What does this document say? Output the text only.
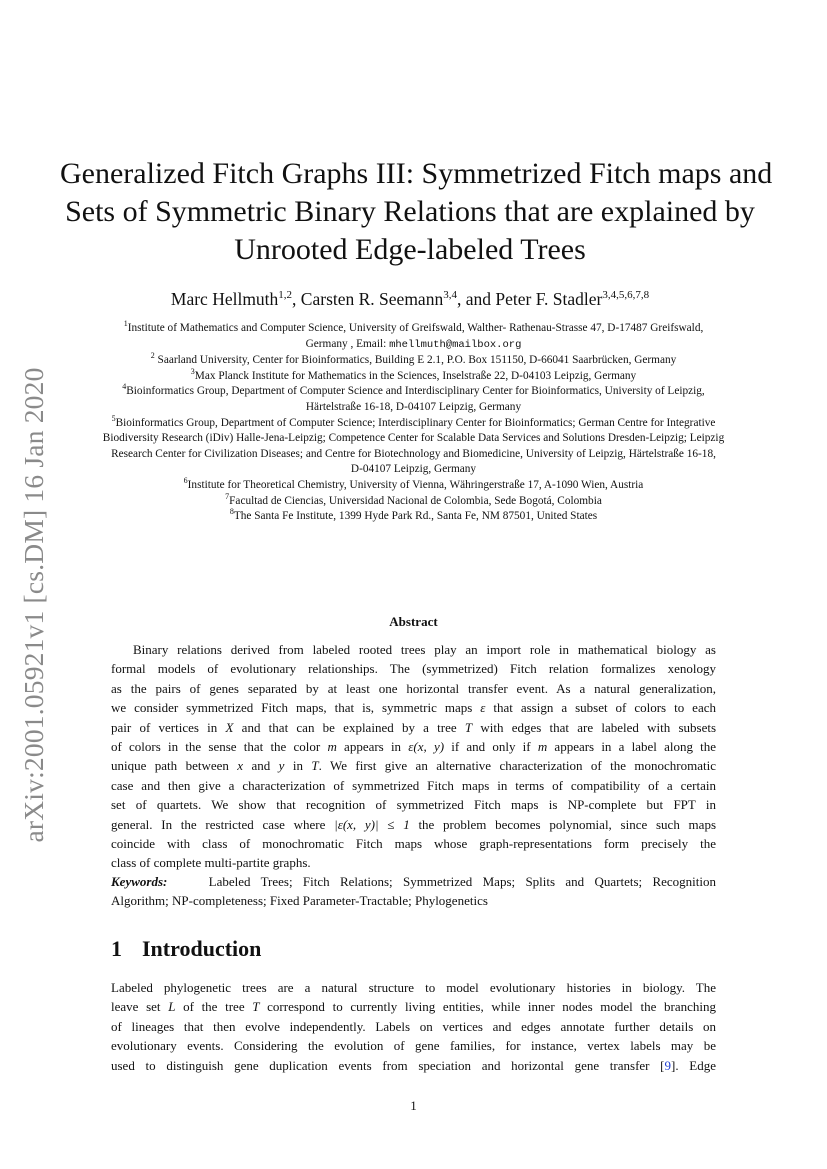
arXiv:2001.05921v1 [cs.DM] 16 Jan 2020
Generalized Fitch Graphs III: Symmetrized Fitch maps and
Sets of Symmetric Binary Relations that are explained by
Unrooted Edge-labeled Trees
Marc Hellmuth$^{1,2}$, Carsten R. Seemann$^{3,4}$, and Peter F. Stadler$^{3,4,5,6,7,8}$
$^1$Institute of Mathematics and Computer Science, University of Greifswald, Walther- Rathenau-Strasse 47, D-17487 Greifswald,
Germany , Email: mhellmuth@mailbox.org
$^2$ Saarland University, Center for Bioinformatics, Building E 2.1, P.O. Box 151150, D-66041 Saarbrücken, Germany
$^3$Max Planck Institute for Mathematics in the Sciences, Inselstraße 22, D-04103 Leipzig, Germany
$^4$Bioinformatics Group, Department of Computer Science and Interdisciplinary Center for Bioinformatics, University of Leipzig,
Härtelstraße 16-18, D-04107 Leipzig, Germany
$^5$Bioinformatics Group, Department of Computer Science; Interdisciplinary Center for Bioinformatics; German Centre for Integrative
Biodiversity Research (iDiv) Halle-Jena-Leipzig; Competence Center for Scalable Data Services and Solutions Dresden-Leipzig; Leipzig
Research Center for Civilization Diseases; and Centre for Biotechnology and Biomedicine, University of Leipzig, Härtelstraße 16-18,
D-04107 Leipzig, Germany
$^6$Institute for Theoretical Chemistry, University of Vienna, Währingerstraße 17, A-1090 Wien, Austria
$^7$Facultad de Ciencias, Universidad Nacional de Colombia, Sede Bogotá, Colombia
$^8$The Santa Fe Institute, 1399 Hyde Park Rd., Santa Fe, NM 87501, United States
Abstract
Binary relations derived from labeled rooted trees play an import role in mathematical biology as
formal models of evolutionary relationships. The (symmetrized) Fitch relation formalizes xenology
as the pairs of genes separated by at least one horizontal transfer event. As a natural generalization,
we consider symmetrized Fitch maps, that is, symmetric maps ε that assign a subset of colors to each
pair of vertices in X and that can be explained by a tree T with edges that are labeled with subsets
of colors in the sense that the color m appears in ε(x, y) if and only if m appears in a label along the
unique path between x and y in T. We first give an alternative characterization of the monochromatic
case and then give a characterization of symmetrized Fitch maps in terms of compatibility of a certain
set of quartets. We show that recognition of symmetrized Fitch maps is NP-complete but FPT in
general. In the restricted case where |ε(x, y)| ≤ 1 the problem becomes polynomial, since such maps
coincide with class of monochromatic Fitch maps whose graph-representations form precisely the
class of complete multi-partite graphs.
Keywords:	Labeled Trees; Fitch Relations; Symmetrized Maps; Splits and Quartets; Recognition
Algorithm; NP-completeness; Fixed Parameter-Tractable; Phylogenetics
1 Introduction
Labeled phylogenetic trees are a natural structure to model evolutionary histories in biology. The
leave set L of the tree T correspond to currently living entities, while inner nodes model the branching
of lineages that then evolve independently. Labels on vertices and edges annotate further details on
evolutionary events. Considering the evolution of gene families, for instance, vertex labels may be
used to distinguish gene duplication events from speciation and horizontal gene transfer [9]. Edge
1
